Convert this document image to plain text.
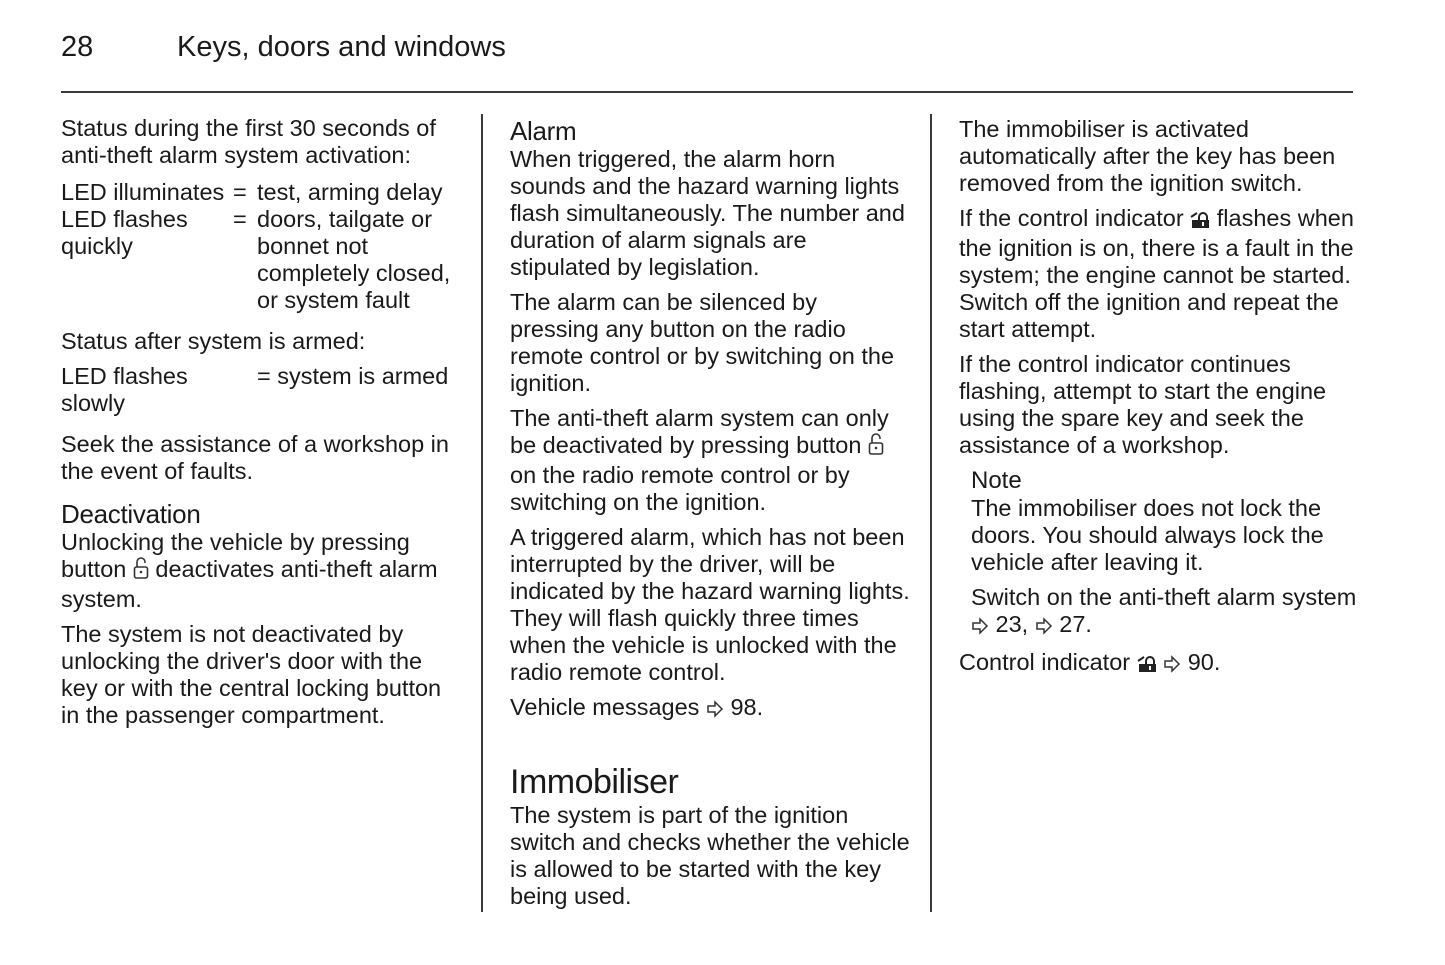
28	Keys, doors and windows

Status during the first 30 seconds of anti-theft alarm system activation:

LED illuminates = test, arming delay
LED flashes quickly
= doors, tailgate or bonnet not completely closed, or system fault

Status after system is armed:

LED flashes slowly
= system is armed

Seek the assistance of a workshop in the event of faults.

Deactivation

Unlocking the vehicle by pressing button deactivates anti-theft alarm system.

The system is not deactivated by unlocking the driver's door with the key or with the central locking button in the passenger compartment.

Alarm

When triggered, the alarm horn sounds and the hazard warning lights flash simultaneously. The number and duration of alarm signals are stipulated by legislation.

The alarm can be silenced by pressing any button on the radio remote control or by switching on the ignition.

The anti-theft alarm system can only be deactivated by pressing button  on the radio remote control or by switching on the ignition.

A triggered alarm, which has not been interrupted by the driver, will be indicated by the hazard warning lights. They will flash quickly three times when the vehicle is unlocked with the radio remote control.

Vehicle messages 98.

Immobiliser

The system is part of the ignition switch and checks whether the vehicle is allowed to be started with the key being used.

The immobiliser is activated automatically after the key has been removed from the ignition switch.

If the control indicator flashes when the ignition is on, there is a fault in the system; the engine cannot be started. Switch off the ignition and repeat the start attempt.

If the control indicator continues flashing, attempt to start the engine using the spare key and seek the assistance of a workshop.

Note

The immobiliser does not lock the doors. You should always lock the vehicle after leaving it.

Switch on the anti-theft alarm system  23, 27.

Control indicator 90.
